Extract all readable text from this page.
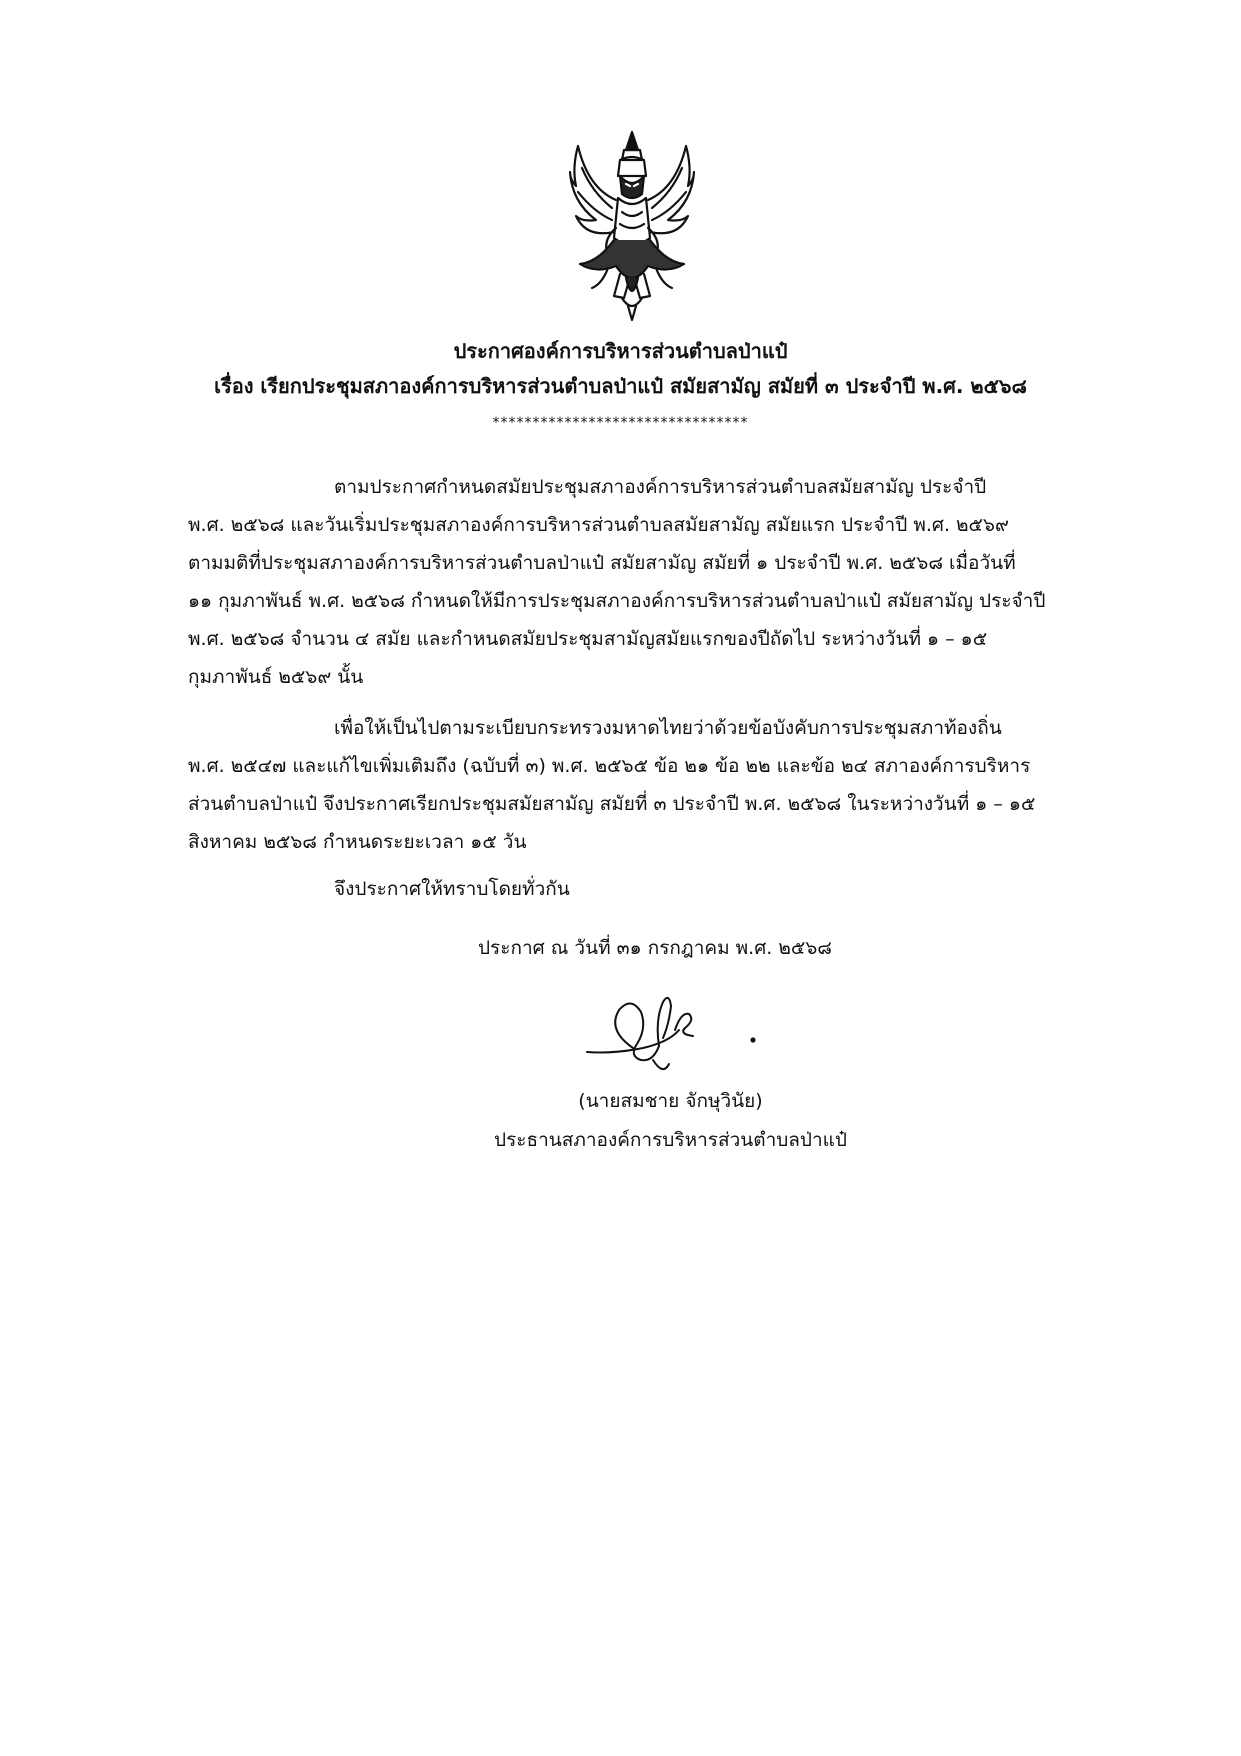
ประกาศองค์การบริหารส่วนตำบลป่าแป๋
เรื่อง เรียกประชุมสภาองค์การบริหารส่วนตำบลป่าแป๋ สมัยสามัญ สมัยที่ ๓ ประจำปี พ.ศ. ๒๕๖๘
********************************
ตามประกาศกำหนดสมัยประชุมสภาองค์การบริหารส่วนตำบลสมัยสามัญ ประจำปี
พ.ศ. ๒๕๖๘ และวันเริ่มประชุมสภาองค์การบริหารส่วนตำบลสมัยสามัญ สมัยแรก ประจำปี พ.ศ. ๒๕๖๙
ตามมติที่ประชุมสภาองค์การบริหารส่วนตำบลป่าแป๋ สมัยสามัญ สมัยที่ ๑ ประจำปี พ.ศ. ๒๕๖๘ เมื่อวันที่
๑๑ กุมภาพันธ์ พ.ศ. ๒๕๖๘ กำหนดให้มีการประชุมสภาองค์การบริหารส่วนตำบลป่าแป๋ สมัยสามัญ ประจำปี
พ.ศ. ๒๕๖๘ จำนวน ๔ สมัย และกำหนดสมัยประชุมสามัญสมัยแรกของปีถัดไป ระหว่างวันที่ ๑ – ๑๕
กุมภาพันธ์ ๒๕๖๙ นั้น
เพื่อให้เป็นไปตามระเบียบกระทรวงมหาดไทยว่าด้วยข้อบังคับการประชุมสภาท้องถิ่น
พ.ศ. ๒๕๔๗ และแก้ไขเพิ่มเติมถึง (ฉบับที่ ๓) พ.ศ. ๒๕๖๕ ข้อ ๒๑ ข้อ ๒๒ และข้อ ๒๔ สภาองค์การบริหาร
ส่วนตำบลป่าแป๋ จึงประกาศเรียกประชุมสมัยสามัญ สมัยที่ ๓ ประจำปี พ.ศ. ๒๕๖๘ ในระหว่างวันที่ ๑ – ๑๕
สิงหาคม ๒๕๖๘ กำหนดระยะเวลา ๑๕ วัน
จึงประกาศให้ทราบโดยทั่วกัน
ประกาศ ณ วันที่ ๓๑ กรกฎาคม พ.ศ. ๒๕๖๘
(นายสมชาย จักษุวินัย)
ประธานสภาองค์การบริหารส่วนตำบลป่าแป๋
